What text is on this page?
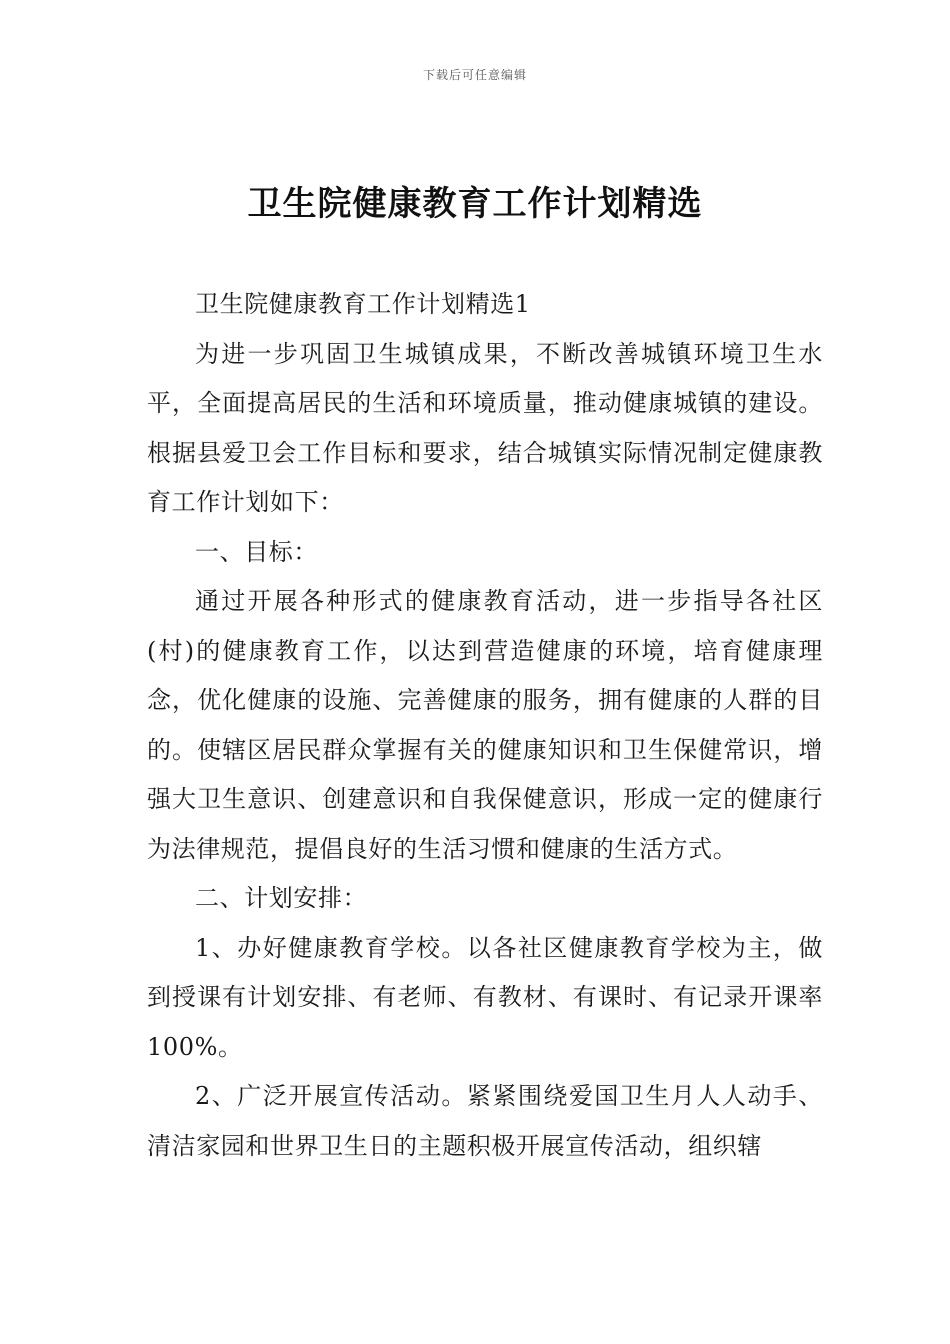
下载后可任意编辑
卫生院健康教育工作计划精选

卫生院健康教育工作计划精选1

为进一步巩固卫生城镇成果，不断改善城镇环境卫生水平，全面提高居民的生活和环境质量，推动健康城镇的建设。根据县爱卫会工作目标和要求，结合城镇实际情况制定健康教育工作计划如下：

一、目标：

通过开展各种形式的健康教育活动，进一步指导各社区(村)的健康教育工作，以达到营造健康的环境，培育健康理念，优化健康的设施、完善健康的服务，拥有健康的人群的目的。使辖区居民群众掌握有关的健康知识和卫生保健常识，增强大卫生意识、创建意识和自我保健意识，形成一定的健康行为法律规范，提倡良好的生活习惯和健康的生活方式。

二、计划安排：

1、办好健康教育学校。以各社区健康教育学校为主，做到授课有计划安排、有老师、有教材、有课时、有记录开课率100%。

2、广泛开展宣传活动。紧紧围绕爱国卫生月人人动手、清洁家园和世界卫生日的主题积极开展宣传活动，组织辖
